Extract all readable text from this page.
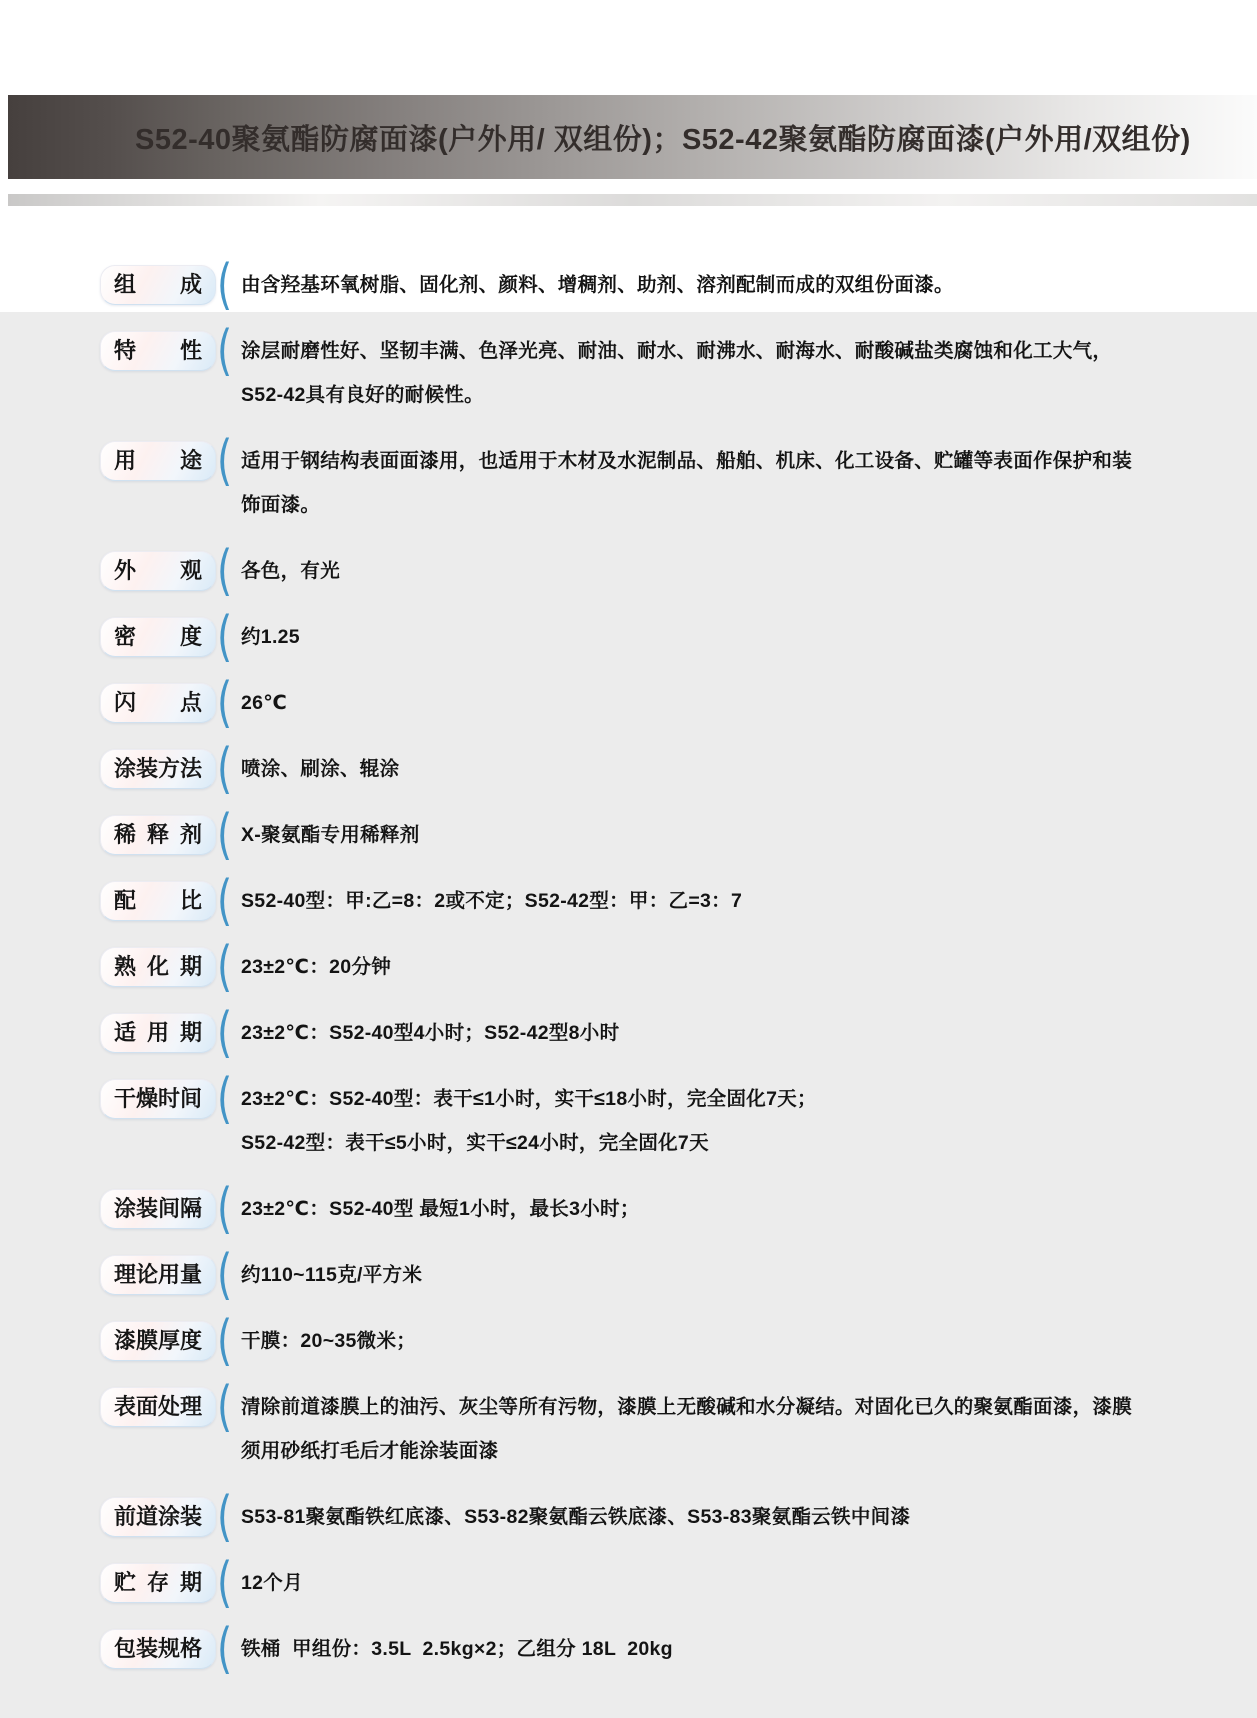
S52-40聚氨酯防腐面漆(户外用/ 双组份)；S52-42聚氨酯防腐面漆(户外用/双组份)
组成 ( 由含羟基环氧树脂、固化剂、颜料、增稠剂、助剂、溶剂配制而成的双组份面漆。
特性 ( 涂层耐磨性好、坚韧丰满、色泽光亮、耐油、耐水、耐沸水、耐海水、耐酸碱盐类腐蚀和化工大气，
S52-42具有良好的耐候性。
用途 ( 适用于钢结构表面面漆用，也适用于木材及水泥制品、船舶、机床、化工设备、贮罐等表面作保护和装
饰面漆。
外观 ( 各色，有光
密度 ( 约1.25
闪点 ( 26℃
涂装方法 ( 喷涂、刷涂、辊涂
稀释剂 ( X-聚氨酯专用稀释剂
配比 ( S52-40型：甲:乙=8：2或不定；S52-42型：甲：乙=3：7
熟化期 ( 23±2℃：20分钟
适用期 ( 23±2℃：S52-40型4小时；S52-42型8小时
干燥时间 ( 23±2℃：S52-40型：表干≤1小时，实干≤18小时，完全固化7天；
S52-42型：表干≤5小时，实干≤24小时，完全固化7天
涂装间隔 ( 23±2℃：S52-40型 最短1小时，最长3小时；
理论用量 ( 约110~115克/平方米
漆膜厚度 ( 干膜：20~35微米；
表面处理 ( 清除前道漆膜上的油污、灰尘等所有污物，漆膜上无酸碱和水分凝结。对固化已久的聚氨酯面漆，漆膜
须用砂纸打毛后才能涂装面漆
前道涂装 ( S53-81聚氨酯铁红底漆、S53-82聚氨酯云铁底漆、S53-83聚氨酯云铁中间漆
贮存期 ( 12个月
包装规格 ( 铁桶  甲组份：3.5L  2.5kg×2；乙组分 18L  20kg
